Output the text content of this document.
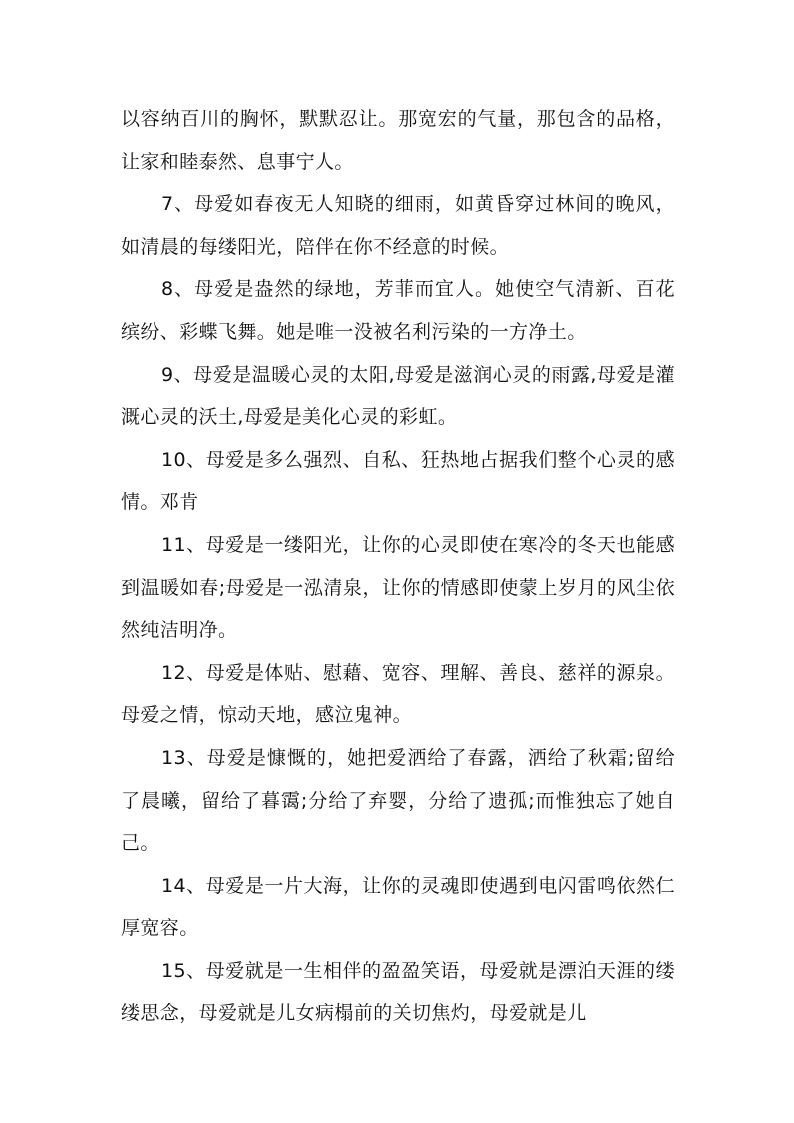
以容纳百川的胸怀，默默忍让。那宽宏的气量，那包含的品格，让家和睦泰然、息事宁人。

7、母爱如春夜无人知晓的细雨，如黄昏穿过林间的晚风，如清晨的每缕阳光，陪伴在你不经意的时候。

8、母爱是盎然的绿地，芳菲而宜人。她使空气清新、百花缤纷、彩蝶飞舞。她是唯一没被名利污染的一方净土。

9、母爱是温暖心灵的太阳,母爱是滋润心灵的雨露,母爱是灌溉心灵的沃土,母爱是美化心灵的彩虹。

10、母爱是多么强烈、自私、狂热地占据我们整个心灵的感情。邓肯

11、母爱是一缕阳光，让你的心灵即使在寒冷的冬天也能感到温暖如春;母爱是一泓清泉，让你的情感即使蒙上岁月的风尘依然纯洁明净。

12、母爱是体贴、慰藉、宽容、理解、善良、慈祥的源泉。母爱之情，惊动天地，感泣鬼神。

13、母爱是慷慨的，她把爱洒给了春露，洒给了秋霜;留给了晨曦，留给了暮霭;分给了弃婴，分给了遗孤;而惟独忘了她自己。

14、母爱是一片大海，让你的灵魂即使遇到电闪雷鸣依然仁厚宽容。

15、母爱就是一生相伴的盈盈笑语，母爱就是漂泊天涯的缕缕思念，母爱就是儿女病榻前的关切焦灼，母爱就是儿
